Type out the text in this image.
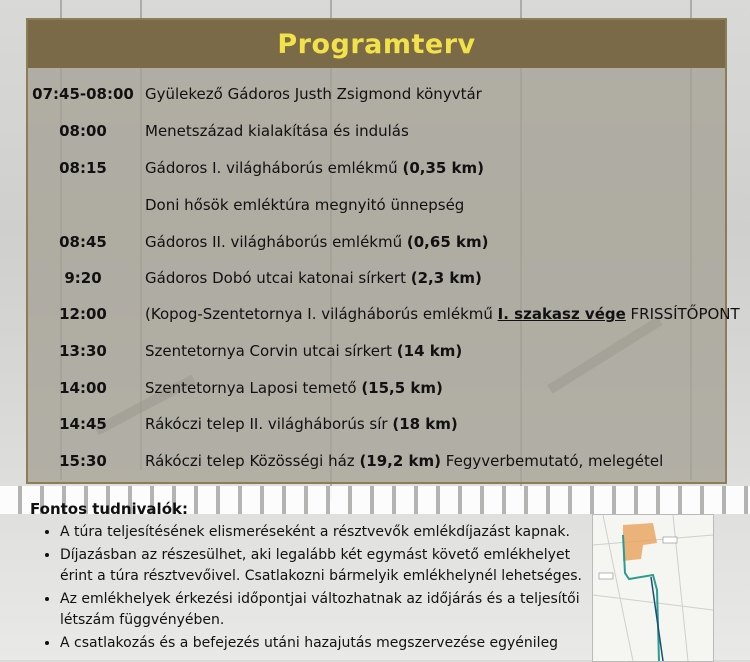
Programterv
07:45-08:00 Gyülekező Gádoros Justh Zsigmond könyvtár
08:00	Menetszázad kialakítása és indulás
08:15	Gádoros I. világháborús emlékmű (0,35 km)
Doni hősök emléktúra megnyitó ünnepség
08:45	Gádoros II. világháborús emlékmű (0,65 km)
9:20	Gádoros Dobó utcai katonai sírkert (2,3 km)
12:00	(Kopog-Szentetornya I. világháborús emlékmű I. szakasz vége FRISSÍTŐPONT
13:30	Szentetornya Corvin utcai sírkert (14 km)
14:00	Szentetornya Laposi temető (15,5 km)
14:45	Rákóczi telep II. világháborús sír (18 km)
15:30	Rákóczi telep Közösségi ház (19,2 km) Fegyverbemutató, melegétel
Fontos tudnivalók:
• A túra teljesítésének elismeréseként a résztvevők emlékdíjazást kapnak.
• Díjazásban az részesülhet, aki legalább két egymást követő emlékhelyet érint a túra résztvevőivel. Csatlakozni bármelyik emlékhelynél lehetséges.
• Az emlékhelyek érkezési időpontjai változhatnak az időjárás és a teljesítői létszám függvényében.
• A csatlakozás és a befejezés utáni hazajutás megszervezése egyénileg
